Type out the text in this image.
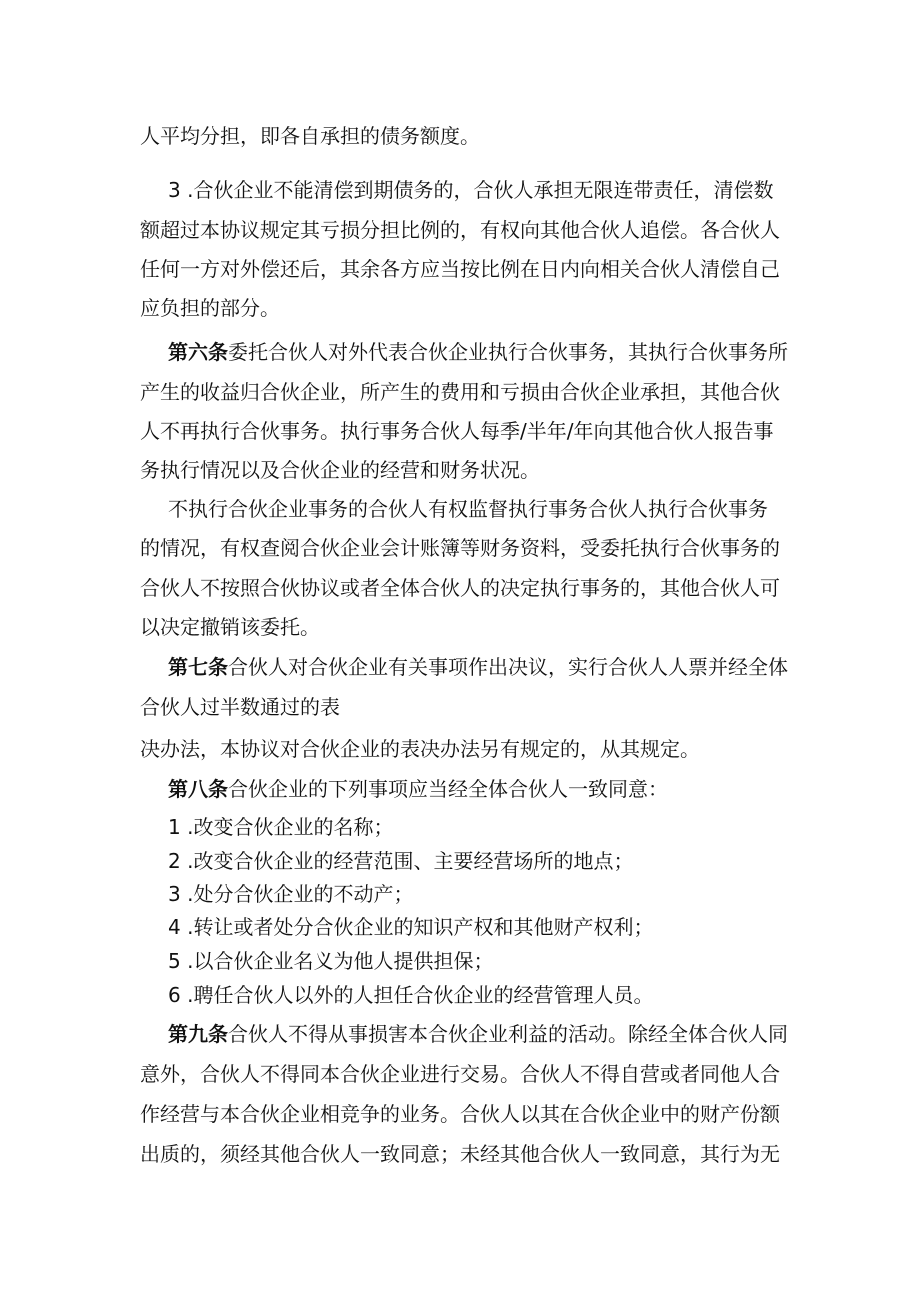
人平均分担，即各自承担的债务额度。
3 .合伙企业不能清偿到期债务的，合伙人承担无限连带责任，清偿数
额超过本协议规定其亏损分担比例的，有权向其他合伙人追偿。各合伙人
任何一方对外偿还后，其余各方应当按比例在日内向相关合伙人清偿自己
应负担的部分。
第六条委托合伙人对外代表合伙企业执行合伙事务，其执行合伙事务所
产生的收益归合伙企业，所产生的费用和亏损由合伙企业承担，其他合伙
人不再执行合伙事务。执行事务合伙人每季/半年/年向其他合伙人报告事
务执行情况以及合伙企业的经营和财务状况。
不执行合伙企业事务的合伙人有权监督执行事务合伙人执行合伙事务
的情况，有权查阅合伙企业会计账簿等财务资料，受委托执行合伙事务的
合伙人不按照合伙协议或者全体合伙人的决定执行事务的，其他合伙人可
以决定撤销该委托。
第七条合伙人对合伙企业有关事项作出决议，实行合伙人人票并经全体
合伙人过半数通过的表
决办法，本协议对合伙企业的表决办法另有规定的，从其规定。
第八条合伙企业的下列事项应当经全体合伙人一致同意：
1 .改变合伙企业的名称；
2 .改变合伙企业的经营范围、主要经营场所的地点；
3 .处分合伙企业的不动产；
4 .转让或者处分合伙企业的知识产权和其他财产权利；
5 .以合伙企业名义为他人提供担保；
6 .聘任合伙人以外的人担任合伙企业的经营管理人员。
第九条合伙人不得从事损害本合伙企业利益的活动。除经全体合伙人同
意外，合伙人不得同本合伙企业进行交易。合伙人不得自营或者同他人合
作经营与本合伙企业相竞争的业务。合伙人以其在合伙企业中的财产份额
出质的，须经其他合伙人一致同意；未经其他合伙人一致同意，其行为无
